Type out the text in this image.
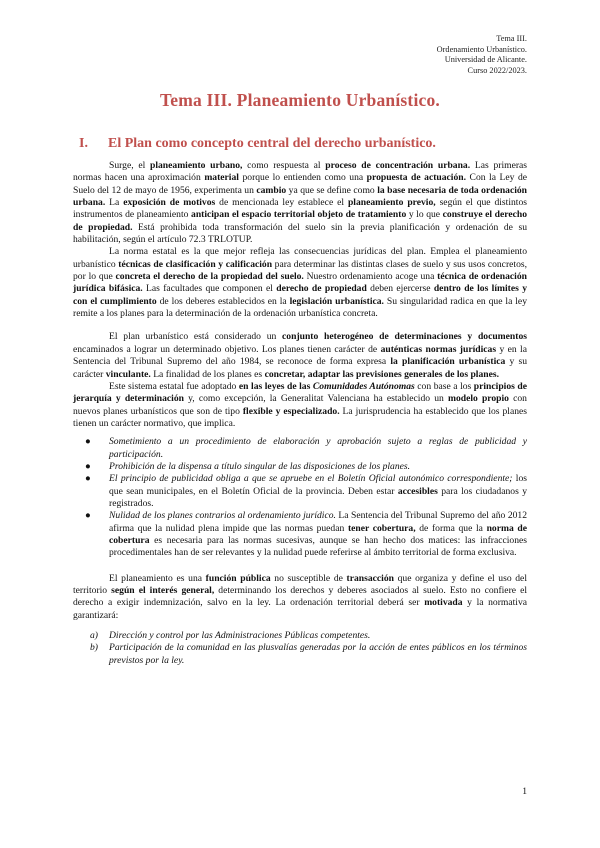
Tema III.
Ordenamiento Urbanístico.
Universidad de Alicante.
Curso 2022/2023.
Tema III. Planeamiento Urbanístico.
I. El Plan como concepto central del derecho urbanístico.

Surge, el planeamiento urbano, como respuesta al proceso de concentración urbana. Las primeras normas hacen una aproximación material porque lo entienden como una propuesta de actuación. Con la Ley de Suelo del 12 de mayo de 1956, experimenta un cambio ya que se define como la base necesaria de toda ordenación urbana. La exposición de motivos de mencionada ley establece el planeamiento previo, según el que distintos instrumentos de planeamiento anticipan el espacio territorial objeto de tratamiento y lo que construye el derecho de propiedad. Está prohibida toda transformación del suelo sin la previa planificación y ordenación de su habilitación, según el artículo 72.3 TRLOTUP.

La norma estatal es la que mejor refleja las consecuencias jurídicas del plan. Emplea el planeamiento urbanístico técnicas de clasificación y calificación para determinar las distintas clases de suelo y sus usos concretos, por lo que concreta el derecho de la propiedad del suelo. Nuestro ordenamiento acoge una técnica de ordenación jurídica bifásica. Las facultades que componen el derecho de propiedad deben ejercerse dentro de los límites y con el cumplimiento de los deberes establecidos en la legislación urbanística. Su singularidad radica en que la ley remite a los planes para la determinación de la ordenación urbanística concreta.

El plan urbanístico está considerado un conjunto heterogéneo de determinaciones y documentos encaminados a lograr un determinado objetivo. Los planes tienen carácter de auténticas normas jurídicas y en la Sentencia del Tribunal Supremo del año 1984, se reconoce de forma expresa la planificación urbanística y su carácter vinculante. La finalidad de los planes es concretar, adaptar las previsiones generales de los planes.

Este sistema estatal fue adoptado en las leyes de las Comunidades Autónomas con base a los principios de jerarquía y determinación y, como excepción, la Generalitat Valenciana ha establecido un modelo propio con nuevos planes urbanísticos que son de tipo flexible y especializado. La jurisprudencia ha establecido que los planes tienen un carácter normativo, que implica.

● Sometimiento a un procedimiento de elaboración y aprobación sujeto a reglas de publicidad y participación.
● Prohibición de la dispensa a título singular de las disposiciones de los planes.
● El principio de publicidad obliga a que se apruebe en el Boletín Oficial autonómico correspondiente; los que sean municipales, en el Boletín Oficial de la provincia. Deben estar accesibles para los ciudadanos y registrados.
● Nulidad de los planes contrarios al ordenamiento jurídico. La Sentencia del Tribunal Supremo del año 2012 afirma que la nulidad plena impide que las normas puedan tener cobertura, de forma que la norma de cobertura es necesaria para las normas sucesivas, aunque se han hecho dos matices: las infracciones procedimentales han de ser relevantes y la nulidad puede referirse al ámbito territorial de forma exclusiva.

El planeamiento es una función pública no susceptible de transacción que organiza y define el uso del territorio según el interés general, determinando los derechos y deberes asociados al suelo. Esto no confiere el derecho a exigir indemnización, salvo en la ley. La ordenación territorial deberá ser motivada y la normativa garantizará:

a) Dirección y control por las Administraciones Públicas competentes.
b) Participación de la comunidad en las plusvalías generadas por la acción de entes públicos en los términos previstos por la ley.
1
